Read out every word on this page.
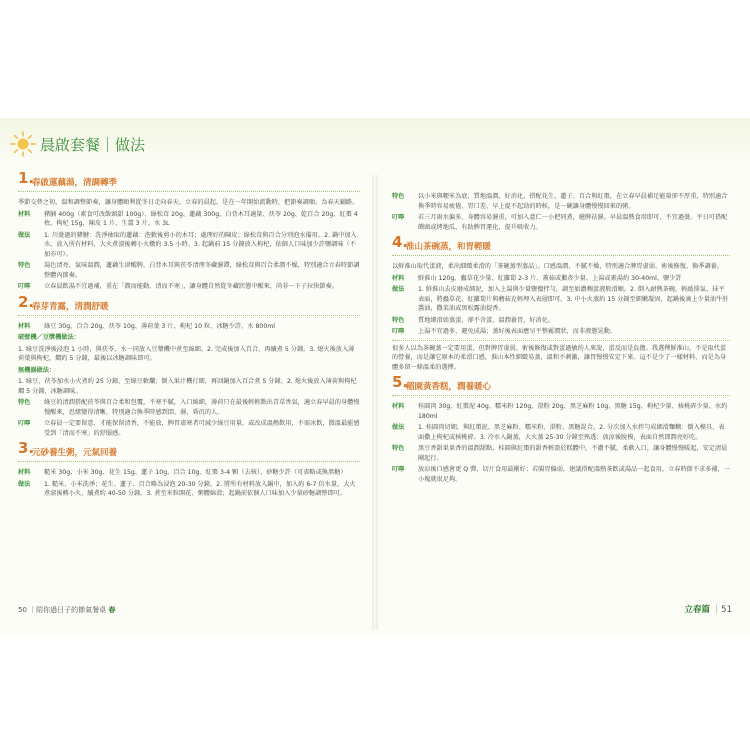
晨啟套餐｜做法
1.
春啟蓮藕湯，清調轉季

季節交替之初，溫和調整節奏，讓身體順利從冬日走向春天。立春的晨起，是在一年開始流動時，把節奏調順、為春天鋪路。

材料	豬腩 400g（素食可改飯頭甜 100g）、綠松茸 20g、蓮藕 300g、白背木耳適量、茯苓 20g、乾百合 20g、紅棗 4 枚、枸杞 15g、陳皮 1 片、生薑 3 片、水 3L
做法	1. 川燙過的豬腱：洗淨抽取的蓮藕：泡軟後剪小的木耳；處理好的陳皮；綠松茸與百合分別泡水備用。2. 鍋中加入水，放入所有材料，大火煮滾後轉小火燉約 3.5 小時。3. 起鍋前 15 分鐘放入枸杞，依個人口味加少許鹽調味（不加亦可）。
特色	湯色清亮、氣味溫潤，蓮藕生津醒脾，白背木耳與茯苓清理冬藏濕滯，綠松茸與百合柔潤不燥，特別適合立春時節調整體內節奏。
叮嚀	立春晨飲湯不宜過補，重在「潤而能動、清而不寒」，讓身體自然從冬藏狀態中醒來，尚非一下子拉快節奏。
2.
春芽青露，清潤舒暖
材料	綠豆 30g、百合 20g、茯苓 10g、薄荷葉 3 片、枸杞 10 粒、冰糖少許、水 800ml
破壁機／豆漿機做法：

1. 綠豆洗淨後浸泡 1 小時，與茯苓、水一同放入豆漿機中煮至綿細。2. 完成後加入百合，再續煮 5 分鐘。3. 熄火後放入薄荷葉與枸杞，燜約 5 分鐘，最後以冰糖調味即可。

無機器做法：

1. 綠豆、茯苓加水小火煮約 25 分鐘，至綠豆軟爛；倒入果汁機打細，再回鍋加入百合煮 5 分鐘。2. 熄火後放入薄荷與枸杞燜 5 分鐘，冰糖調味。

特色	綠豆的清潤搭配茯苓與百合柔和包覆，不寒不膩，入口綿細，薄荷只在最後輕輕點出青草香氣，適立春早晨的身體慢慢醒來，思緒變得清晰，特別適合換季時感到悶、濕、昏沉的人。
叮嚀	立春晨一定要留意，才能保留清香，不能放，脾胃虛寒者可減少綠豆用量，或改成溫熱飲用，不需冰飲，微溫最能感受到「清而不寒」的舒服感。
3.
元砂養生粥，元氣回養
材料	糙米 30g、小米 30g、花生 15g、蓮子 10g、百合 10g、紅棗 3-4 顆（去核）、砂糖少許（可省略或換黑糖）
做法	1. 糙米、小米洗淨；花生、蓮子、百合略為浸泡 20-30 分鐘。2. 將所有材料放入鍋中，加入約 6-7 倍水量，大火煮滾後轉小火，續煮約 40-50 分鐘。3. 煮至米粒開花、粥體綿滑；起鍋前依個人口味加入少量砂糖調整即可。
特色	以小米與粳米為底，質地溫潤、好消化，搭配花生、蓮子、百合與紅棗，在立春早晨補足能量卻不厚重，特別適合換季時容易疲倦、胃口差、早上提不起勁的時候，是一碗讓身體慢慢回來的粥。
叮嚀	若三月雨水偏多、身體容易濕重，可加入薏仁一小把同煮，健脾祛濕。早晨溫熱食用即可，不宜過燙。平日可搭配饅頭或烤地瓜，有助脾胃運化，提升吸收力。
4.
淮山茶碗蒸，和胃輕暖

以鮮淮山取代蛋液，柔出細緻柔滑的「茶碗蒸型蒸品」。口感溫潤、不膩不燥，特別適合脾胃虛弱、術後修復、換季調養。

材料	鮮淮山 120g、蟲草花少量、紅蘿蔔 2-3 片、蓋菇或鵝杏少量、上湯或素湯約 30-40ml、鹽少許
做法	1. 鮮淮山去皮磨成細泥，加入上湯與少量鹽攪拌勻，調至如濃稠蛋液般滑順。2. 倒入耐熱茶碗，輕敲排氣、抹平表面，將蟲草花、紅蘿蔔片與蘑菇克輕埋入表層即可。3. 中小火蒸約 15 分鐘至細嫩凝固，起鍋後滴上少量油牛肝醬油，撒菜油或黑松露油提香。
特色	質地細滑如蒸蛋，卻不含蛋，溫潤養胃，好消化。
叮嚀	上湯不宜過多，避免成湯；蒸好後表面應呈平整霧潤狀，而非液態晃動。

很多人以為茶碗蒸一定要用蛋，但對脾胃虛弱、術後修復或對蛋過敏的人來說，蛋反而是負擔。我選擇鮮淮山，不是取代蛋的營養，而是讓它原本的柔滑口感，淮山本性細緻易蒸，溫和不刺激，讓胃慢慢安定下來。這不是少了一樣材料，而是為身體多留一條溫柔的選擇。

5.
稲園黃香糕，潤養暖心
材料	桂圓肉 30g、紅棗泥 40g、糯米粉 120g、澄粉 20g、黑芝麻粉 10g、黑糖 15g、枸杞少量、核桃碎少量、水約 180ml
做法	1. 桂圓肉切細，與紅棗泥、黑芝麻粉、糯米粉、澄粉、黑糖混合。2. 分次加入水拌勻成細滑麵糊：倒入模具，表面撒上枸杞或核桃碎。3. 冷水入鍋蒸，大火蒸 25-30 分鐘至熟透；放涼後脫模，表面自然即潤亮好吃。
特色	黑豆香甜果果香的溫潤甜點，桂圓與紅棗的甜香輕盈於糕體中，不濃不膩，柔軟入口，讓身體慢慢暖起，安定清晨剛起行。
叮嚀	放涼後口感會更 Q 彈，切片食用最剛好；若腸胃偏弱，建議搭配溫熱茶飲或湯品一起食用。立春時節不求多補，一小塊就很足夠。
50 ｜陪你過日子的節氣餐桌 春	立春篇 ｜51
